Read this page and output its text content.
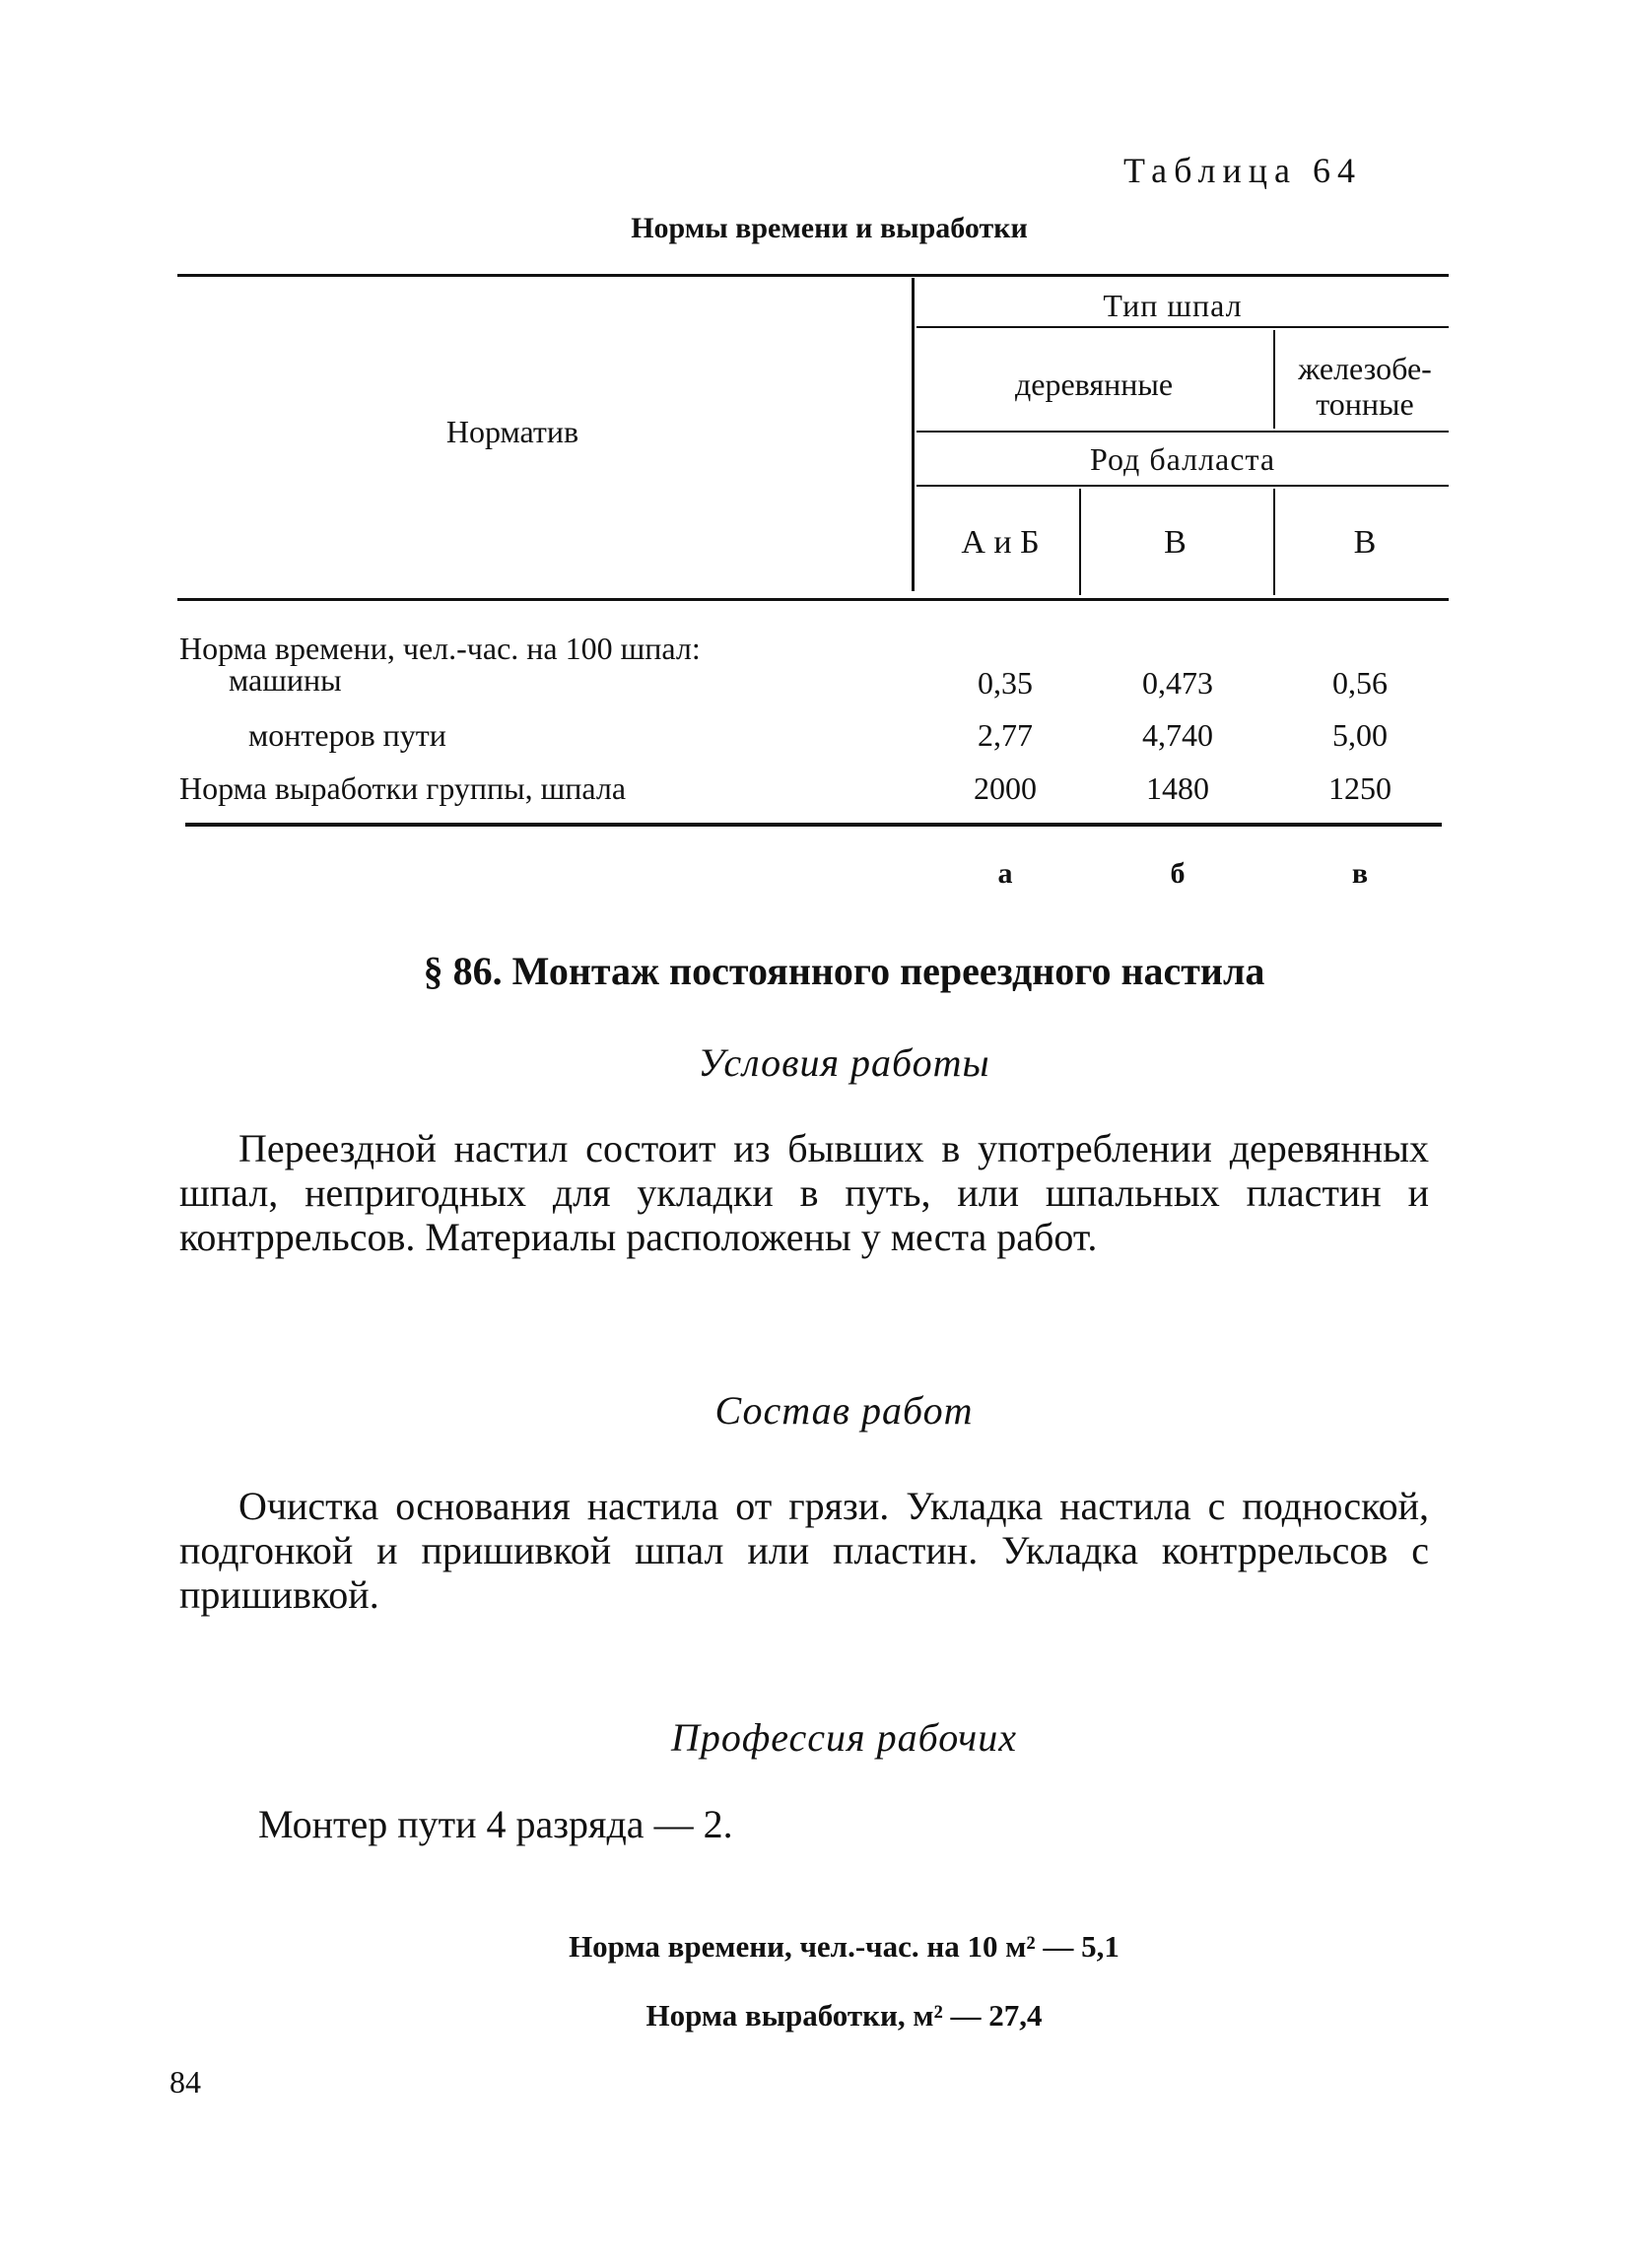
Таблица 64
Нормы времени и выработки
Норматив
Тип шпал
деревянные	железобе-
тонные
Род балласта
А и Б	В	В
Норма времени, чел.-час. на 100 шпал:
машины	0,35	0,473	0,56
монтеров пути	2,77	4,740	5,00
Норма выработки группы, шпала	2000	1480	1250
а	б	в
§ 86. Монтаж постоянного переездного настила
Условия работы
Переездной настил состоит из бывших в употреблении деревянных шпал, непригодных для укладки в путь, или шпальных пластин и контррельсов. Материалы расположены у места работ.
Состав работ
Очистка основания настила от грязи. Укладка настила с подноской, подгонкой и пришивкой шпал или пластин. Укладка контррельсов с пришивкой.
Профессия рабочих
Монтер пути 4 разряда — 2.
Норма времени, чел.-час. на 10 м² — 5,1
Норма выработки, м² — 27,4
84
